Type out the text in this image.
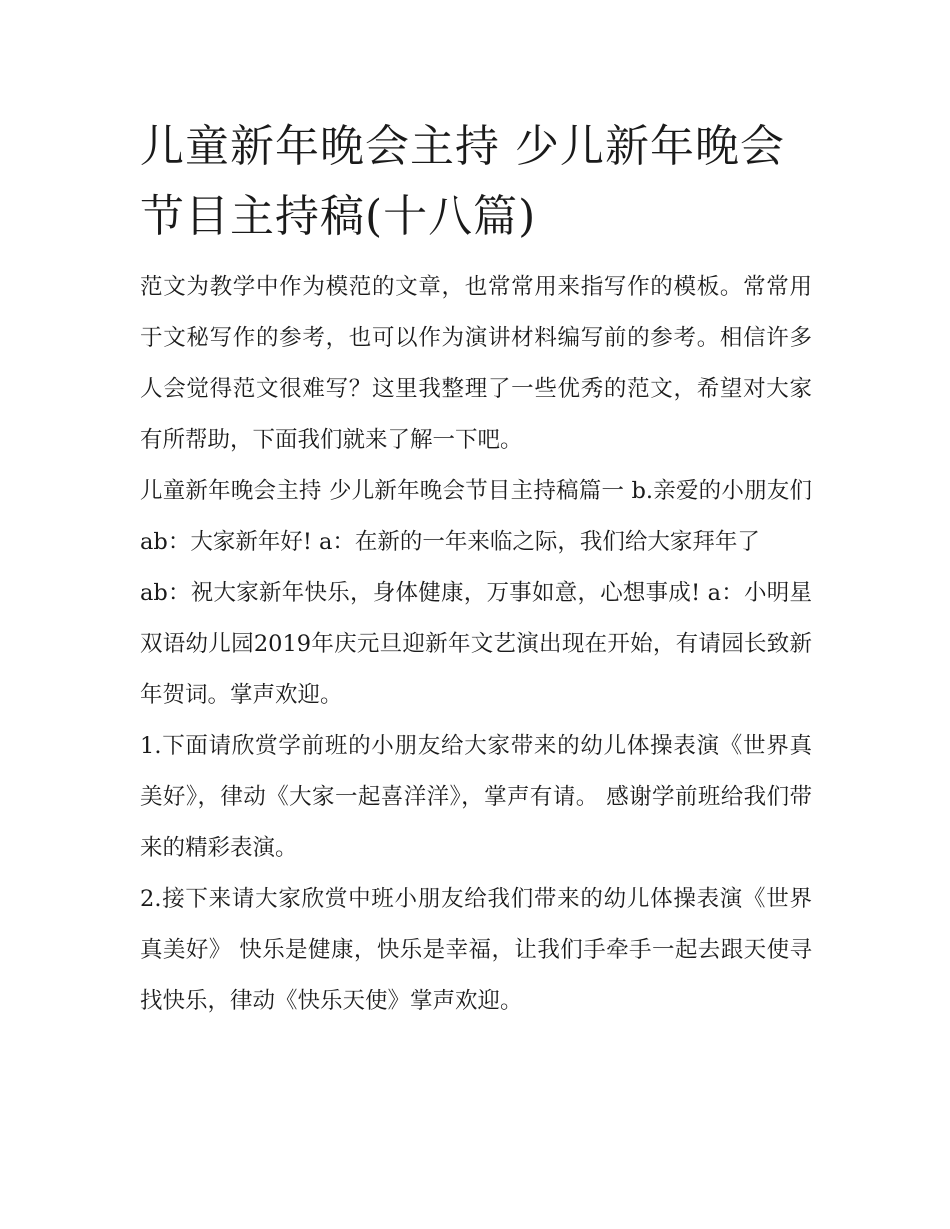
儿童新年晚会主持 少儿新年晚会节目主持稿(十八篇)

范文为教学中作为模范的文章，也常常用来指写作的模板。常常用于文秘写作的参考，也可以作为演讲材料编写前的参考。相信许多人会觉得范文很难写？这里我整理了一些优秀的范文，希望对大家有所帮助，下面我们就来了解一下吧。

儿童新年晚会主持 少儿新年晚会节目主持稿篇一 b.亲爱的小朋友们 ab：大家新年好! a：在新的一年来临之际，我们给大家拜年了

ab：祝大家新年快乐，身体健康，万事如意，心想事成! a：小明星双语幼儿园2019年庆元旦迎新年文艺演出现在开始，有请园长致新年贺词。掌声欢迎。

1.下面请欣赏学前班的小朋友给大家带来的幼儿体操表演《世界真美好》，律动《大家一起喜洋洋》，掌声有请。 感谢学前班给我们带来的精彩表演。

2.接下来请大家欣赏中班小朋友给我们带来的幼儿体操表演《世界真美好》 快乐是健康，快乐是幸福，让我们手牵手一起去跟天使寻找快乐，律动《快乐天使》掌声欢迎。
